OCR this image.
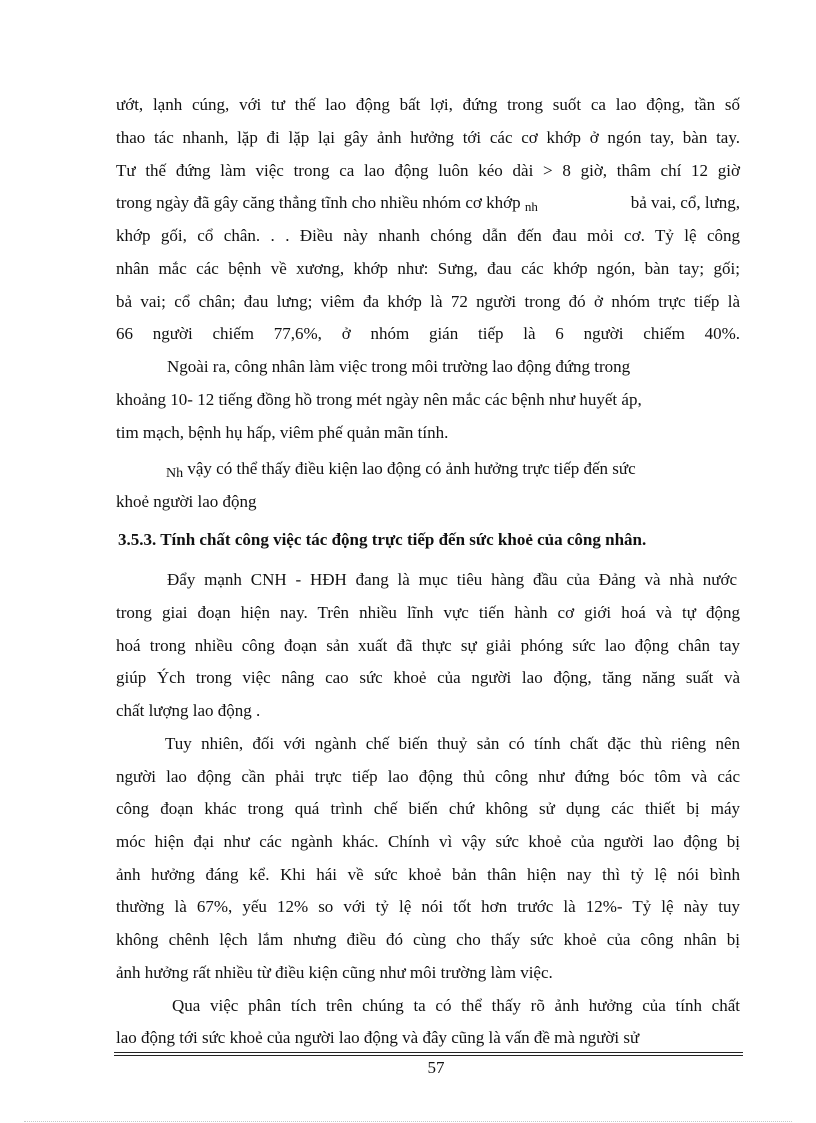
ướt, lạnh cúng, với tư thế lao động bất lợi, đứng trong suốt ca lao động, tần số
thao tác nhanh, lặp đi lặp lại gây ảnh hưởng tới các cơ khớp ở ngón tay, bàn tay.
Tư thế đứng làm việc trong ca lao động luôn kéo dài > 8 giờ, thâm chí 12 giờ
trong ngày đã gây căng thẳng tĩnh cho nhiều nhóm cơ khớp nh	bả vai, cổ, lưng,
khớp gối, cổ chân. . . Điều này nhanh chóng dẫn đến đau mỏi cơ. Tỷ lệ công
nhân mắc các bệnh về xương, khớp như: Sưng, đau các khớp ngón, bàn tay; gối;
bả vai; cổ chân; đau lưng; viêm đa khớp là 72 người trong đó ở nhóm trực tiếp là
66 người chiếm 77,6%, ở nhóm gián tiếp là 6 người chiếm 40%.
Ngoài ra, công nhân làm việc trong môi trường lao động đứng trong
khoảng 10- 12 tiếng đồng hồ trong mét ngày nên mắc các bệnh như huyết áp,
tim mạch, bệnh hụ hấp, viêm phế quản mãn tính.
Nh vậy có thể thấy điều kiện lao động có ảnh hưởng trực tiếp đến sức
khoẻ người lao động
3.5.3. Tính chất công việc tác động trực tiếp đến sức khoẻ của công nhân.
Đẩy mạnh CNH - HĐH đang là mục tiêu hàng đầu của Đảng và nhà nước
trong giai đoạn hiện nay. Trên nhiều lĩnh vực tiến hành cơ giới hoá và tự động
hoá trong nhiều công đoạn sản xuất đã thực sự giải phóng sức lao động chân tay
giúp Ých trong việc nâng cao sức khoẻ của người lao động, tăng năng suất và
chất lượng lao động .
Tuy nhiên, đối với ngành chế biến thuỷ sản có tính chất đặc thù riêng nên
người lao động cần phải trực tiếp lao động thủ công như đứng bóc tôm và các
công đoạn khác trong quá trình chế biến chứ không sử dụng các thiết bị máy
móc hiện đại như các ngành khác. Chính vì vậy sức khoẻ của người lao động bị
ảnh hưởng đáng kể. Khi hái về sức khoẻ bản thân hiện nay thì tỷ lệ nói bình
thường là 67%, yếu 12% so với tỷ lệ nói tốt hơn trước là 12%- Tỷ lệ này tuy
không chênh lệch lắm nhưng điều đó cùng cho thấy sức khoẻ của công nhân bị
ảnh hưởng rất nhiều từ điều kiện cũng như môi trường làm việc.
Qua việc phân tích trên chúng ta có thể thấy rõ ảnh hưởng của tính chất
lao động tới sức khoẻ của người lao động và đây cũng là vấn đề mà người sử
57
